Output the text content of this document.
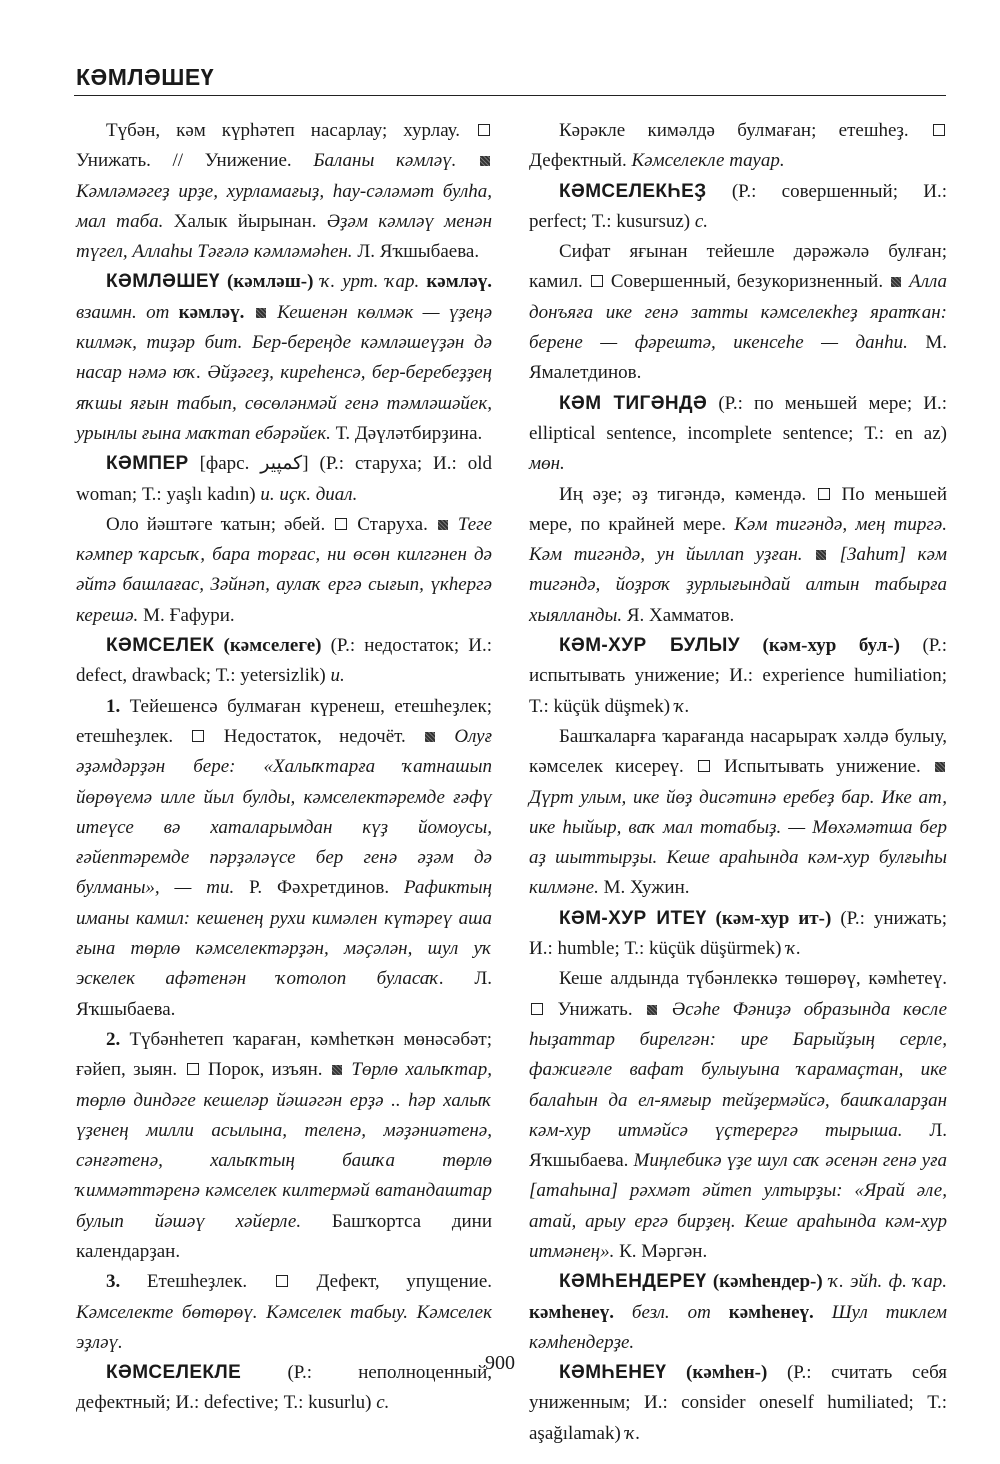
КӘМЛӘШЕҮ

Түбән, кәм күрһәтеп насарлау; хурлау.  Унижать. // Унижение. Баланы кәмләү.  Кәмләмәгеҙ ирҙе, хурламағыҙ, һау-сәләмәт булһа, мал таба. Халык йырынан. Әҙәм кәмләү менән түгел, Аллаһы Тәғәлә кәмләмәһен. Л. Яҡшыбаева.

КӘМЛӘШЕҮ (кәмләш-) ҡ. урт. ҡар. кәмләү. взаимн. от кәмләү. Кешенән көлмәк — үҙеңә килмәк, тиҙәр бит. Бер-береңде кәмләшеүҙән дә насар нәмә юҡ. Әйҙәгеҙ, киреһенсә, бер-беребеҙҙең яҡшы яғын табып, сөсөләнмәй генә тәмләшәйек, урынлы ғына маҡтап ебәрәйек. Т. Дәүләтбирҙина.

КӘМПЕР [фарс. کمپير] (Р.: старуха; И.: old woman; Т.: yaşlı kadın) и. иҫк. диал.

Оло йәштәге ҡатын; әбей. Старуха. Теге кәмпер ҡарсыҡ, бара торғас, ни өсөн килгәнен дә әйтә башлағас, Зәйнәп, аулаҡ ергә сығып, үкһергә керешә. М. Ғафури.

КӘМСЕЛЕК (кәмселеге) (Р.: недостаток; И.: defect, drawback; Т.: yetersizlik) и.

1. Тейешенсә булмаған күренеш, етешһеҙлек; етешһеҙлек.	Недостаток, недочёт.	Олуғ әҙәмдәрҙән бере: «Халыҡтарға ҡатнашып йөрөүемә илле йыл булды, кәмселектәремде ғәфү итеүсе вә хаталарымдан күҙ йомоусы, ғәйептәремде пәрҙәләүсе бер генә әҙәм дә булманы», — ти. Р. Фәхретдинов. Рафиктың иманы камил: кешенең рухи кимәлен күтәреү аша ғына төрлө кәмселектәрҙән, мәҫәлән, шул уҡ эскелек афәтенән ҡотолоп буласаҡ. Л. Яҡшыбаева.

2. Түбәнһетеп ҡараған, кәмһеткән мөнәсәбәт; ғәйеп, зыян. Порок, изъян. Төрлө халыҡтар, төрлө диндәге кешеләр йәшәгән ерҙә .. һәр халыҡ үҙенең милли асылына, теленә, мәҙәниәтенә, сәнғәтенә, халыҡтың башҡа төрлө ҡиммәттәренә кәмселек килтермәй ватандаштар булып йәшәү хәйерле. Башҡортса дини календарҙан.

3. Етешһеҙлек.	Дефект, упущение. Кәмселекте бөтөрөү. Кәмселек табыу. Кәмселек эҙләү.

КӘМСЕЛЕКЛЕ (Р.: неполноценный, дефектный; И.: defective; Т.: kusurlu) с.

Кәрәкле кимәлдә булмаған; етешһеҙ.  Дефектный. Кәмселекле тауар.

КӘМСЕЛЕКҺЕҘ (Р.: совершенный; И.: perfect; Т.: kusursuz) с.

Сифат яғынан тейешле дәрәжәлә булған; камил. Совершенный, безукоризненный. Алла донъяға ике генә затты кәмселекһеҙ яратҡан: берене — фәрештә, икенсеһе — данһи. М. Ямалетдинов.

КӘМ ТИГӘНДӘ (Р.: по меньшей мере; И.: elliptical sentence, incomplete sentence; Т.: en az) мөн.

Иң әҙе; әҙ тигәндә, кәмендә. По меньшей мере, по крайней мере. Кәм тигәндә, мең тиргә. Кәм тигәндә, ун йыллап уҙған. [Заһит] кәм тигәндә, йоҙроҡ ҙурлығындай алтын табырға хыялланды. Я. Хамматов.

КӘМ-ХУР БУЛЫУ (кәм-хур бул-) (Р.: испытывать унижение; И.: experience humiliation; Т.: küçük düşmek) ҡ.

Башҡаларға ҡарағанда насарыраҡ хәлдә булыу, кәмселек кисереү. Испытывать унижение.  Дүрт улым, ике йөҙ дисәтинә еребеҙ бар. Ике ат, ике һыйыр, ваҡ мал тотабыҙ. — Мөхәмәтша бер аҙ шыттырҙы. Кеше араһында кәм-хур булғыһы килмәне. М. Хужин.

КӘМ-ХУР ИТЕҮ (кәм-хур ит-) (Р.: унижать; И.: humble; Т.: küçük düşürmek) ҡ.

Кеше алдында түбәнлеккә төшөрөү, кәмһетеү.  Унижать. Әсәһе Фәниҙә образында көсле һыҙаттар бирелгән: ире Барыйҙың серле, фажиғәле вафат булыуына ҡарамаҫтан, ике балаһын да ел-ямғыр тейҙермәйсә, башҡаларҙан кәм-хур итмәйсә үҫтерергә тырыша. Л. Яҡшыбаева. Миңлебикә үҙе шул саҡ әсенән генә уға [атаһына] рәхмәт әйтеп ултырҙы: «Ярай әле, атай, арыу ергә бирҙең. Кеше араһында кәм-хур итмәнең». К. Мәргән.

КӘМҺЕНДЕРЕҮ (кәмһендер-) ҡ. эйһ. ф. ҡар. кәмһенеү. безл. от кәмһенеү. Шул тиклем кәмһендерҙе.

КӘМҺЕНЕҮ (кәмһен-) (Р.: считать себя униженным; И.: consider oneself humiliated; Т.: aşağılamak) ҡ.

900
